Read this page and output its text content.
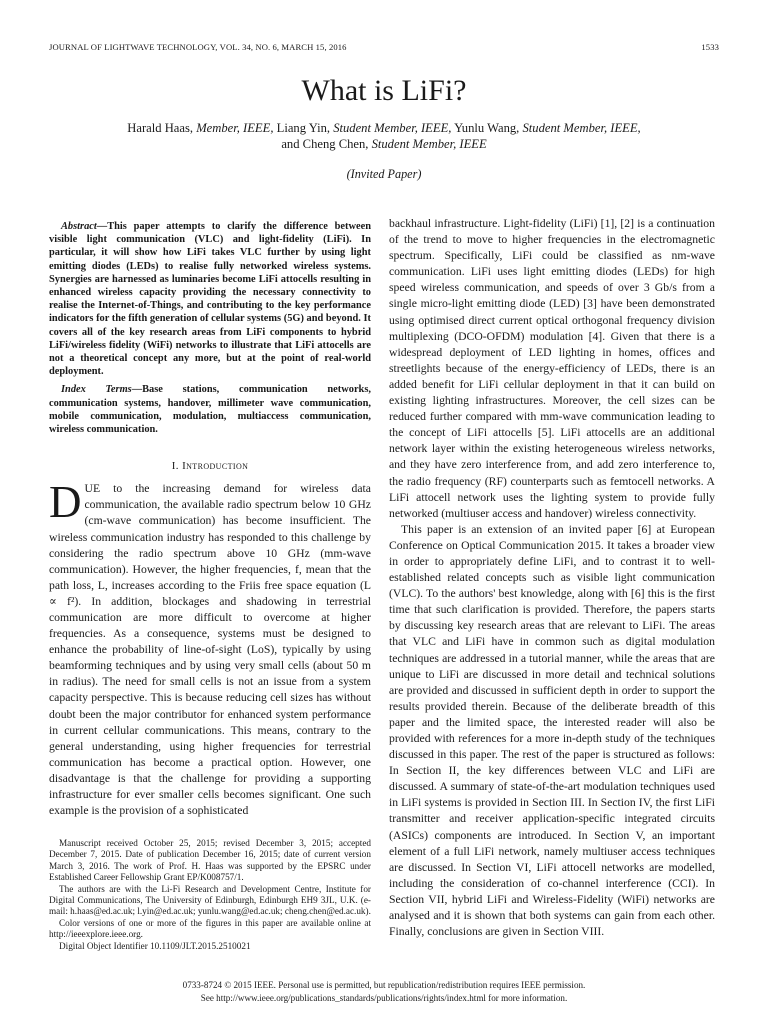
JOURNAL OF LIGHTWAVE TECHNOLOGY, VOL. 34, NO. 6, MARCH 15, 2016	1533
What is LiFi?
Harald Haas, Member, IEEE, Liang Yin, Student Member, IEEE, Yunlu Wang, Student Member, IEEE,
and Cheng Chen, Student Member, IEEE
(Invited Paper)
Abstract—This paper attempts to clarify the difference between visible light communication (VLC) and light-fidelity (LiFi). In particular, it will show how LiFi takes VLC further by using light emitting diodes (LEDs) to realise fully networked wireless systems. Synergies are harnessed as luminaries become LiFi attocells resulting in enhanced wireless capacity providing the necessary connectivity to realise the Internet-of-Things, and contributing to the key performance indicators for the fifth generation of cellular systems (5G) and beyond. It covers all of the key research areas from LiFi components to hybrid LiFi/wireless fidelity (WiFi) networks to illustrate that LiFi attocells are not a theoretical concept any more, but at the point of real-world deployment.
Index Terms—Base stations, communication networks, communication systems, handover, millimeter wave communication, mobile communication, modulation, multiaccess communication, wireless communication.
I. Introduction

DUE to the increasing demand for wireless data communication, the available radio spectrum below 10 GHz (cm-wave communication) has become insufficient. The wireless communication industry has responded to this challenge by considering the radio spectrum above 10 GHz (mm-wave communication). However, the higher frequencies, f, mean that the path loss, L, increases according to the Friis free space equation (L ∝ f²). In addition, blockages and shadowing in terrestrial communication are more difficult to overcome at higher frequencies. As a consequence, systems must be designed to enhance the probability of line-of-sight (LoS), typically by using beamforming techniques and by using very small cells (about 50 m in radius). The need for small cells is not an issue from a system capacity perspective. This is because reducing cell sizes has without doubt been the major contributor for enhanced system performance in current cellular communications. This means, contrary to the general understanding, using higher frequencies for terrestrial communication has become a practical option. However, one disadvantage is that the challenge for providing a supporting infrastructure for ever smaller cells becomes significant. One such example is the provision of a sophisticated

backhaul infrastructure. Light-fidelity (LiFi) [1], [2] is a continuation of the trend to move to higher frequencies in the electromagnetic spectrum. Specifically, LiFi could be classified as nm-wave communication. LiFi uses light emitting diodes (LEDs) for high speed wireless communication, and speeds of over 3 Gb/s from a single micro-light emitting diode (LED) [3] have been demonstrated using optimised direct current optical orthogonal frequency division multiplexing (DCO-OFDM) modulation [4]. Given that there is a widespread deployment of LED lighting in homes, offices and streetlights because of the energy-efficiency of LEDs, there is an added benefit for LiFi cellular deployment in that it can build on existing lighting infrastructures. Moreover, the cell sizes can be reduced further compared with mm-wave communication leading to the concept of LiFi attocells [5]. LiFi attocells are an additional network layer within the existing heterogeneous wireless networks, and they have zero interference from, and add zero interference to, the radio frequency (RF) counterparts such as femtocell networks. A LiFi attocell network uses the lighting system to provide fully networked (multiuser access and handover) wireless connectivity.

This paper is an extension of an invited paper [6] at European Conference on Optical Communication 2015. It takes a broader view in order to appropriately define LiFi, and to contrast it to well-established related concepts such as visible light communication (VLC). To the authors' best knowledge, along with [6] this is the first time that such clarification is provided. Therefore, the papers starts by discussing key research areas that are relevant to LiFi. The areas that VLC and LiFi have in common such as digital modulation techniques are addressed in a tutorial manner, while the areas that are unique to LiFi are discussed in more detail and technical solutions are provided and discussed in sufficient depth in order to support the results provided therein. Because of the deliberate breadth of this paper and the limited space, the interested reader will also be provided with references for a more in-depth study of the techniques discussed in this paper. The rest of the paper is structured as follows: In Section II, the key differences between VLC and LiFi are discussed. A summary of state-of-the-art modulation techniques used in LiFi systems is provided in Section III. In Section IV, the first LiFi transmitter and receiver application-specific integrated circuits (ASICs) components are introduced. In Section V, an important element of a full LiFi network, namely multiuser access techniques are discussed. In Section VI, LiFi attocell networks are modelled, including the consideration of co-channel interference (CCI). In Section VII, hybrid LiFi and Wireless-Fidelity (WiFi) networks are analysed and it is shown that both systems can gain from each other. Finally, conclusions are given in Section VIII.

Manuscript received October 25, 2015; revised December 3, 2015; accepted December 7, 2015. Date of publication December 16, 2015; date of current version March 3, 2016. The work of Prof. H. Haas was supported by the EPSRC under Established Career Fellowship Grant EP/K008757/1.

The authors are with the Li-Fi Research and Development Centre, Institute for Digital Communications, The University of Edinburgh, Edinburgh EH9 3JL, U.K. (e-mail: h.haas@ed.ac.uk; l.yin@ed.ac.uk; yunlu.wang@ed.ac.uk; cheng.chen@ed.ac.uk).

Color versions of one or more of the figures in this paper are available online at http://ieeexplore.ieee.org.

Digital Object Identifier 10.1109/JLT.2015.2510021

0733-8724 © 2015 IEEE. Personal use is permitted, but republication/redistribution requires IEEE permission.
See http://www.ieee.org/publications_standards/publications/rights/index.html for more information.
